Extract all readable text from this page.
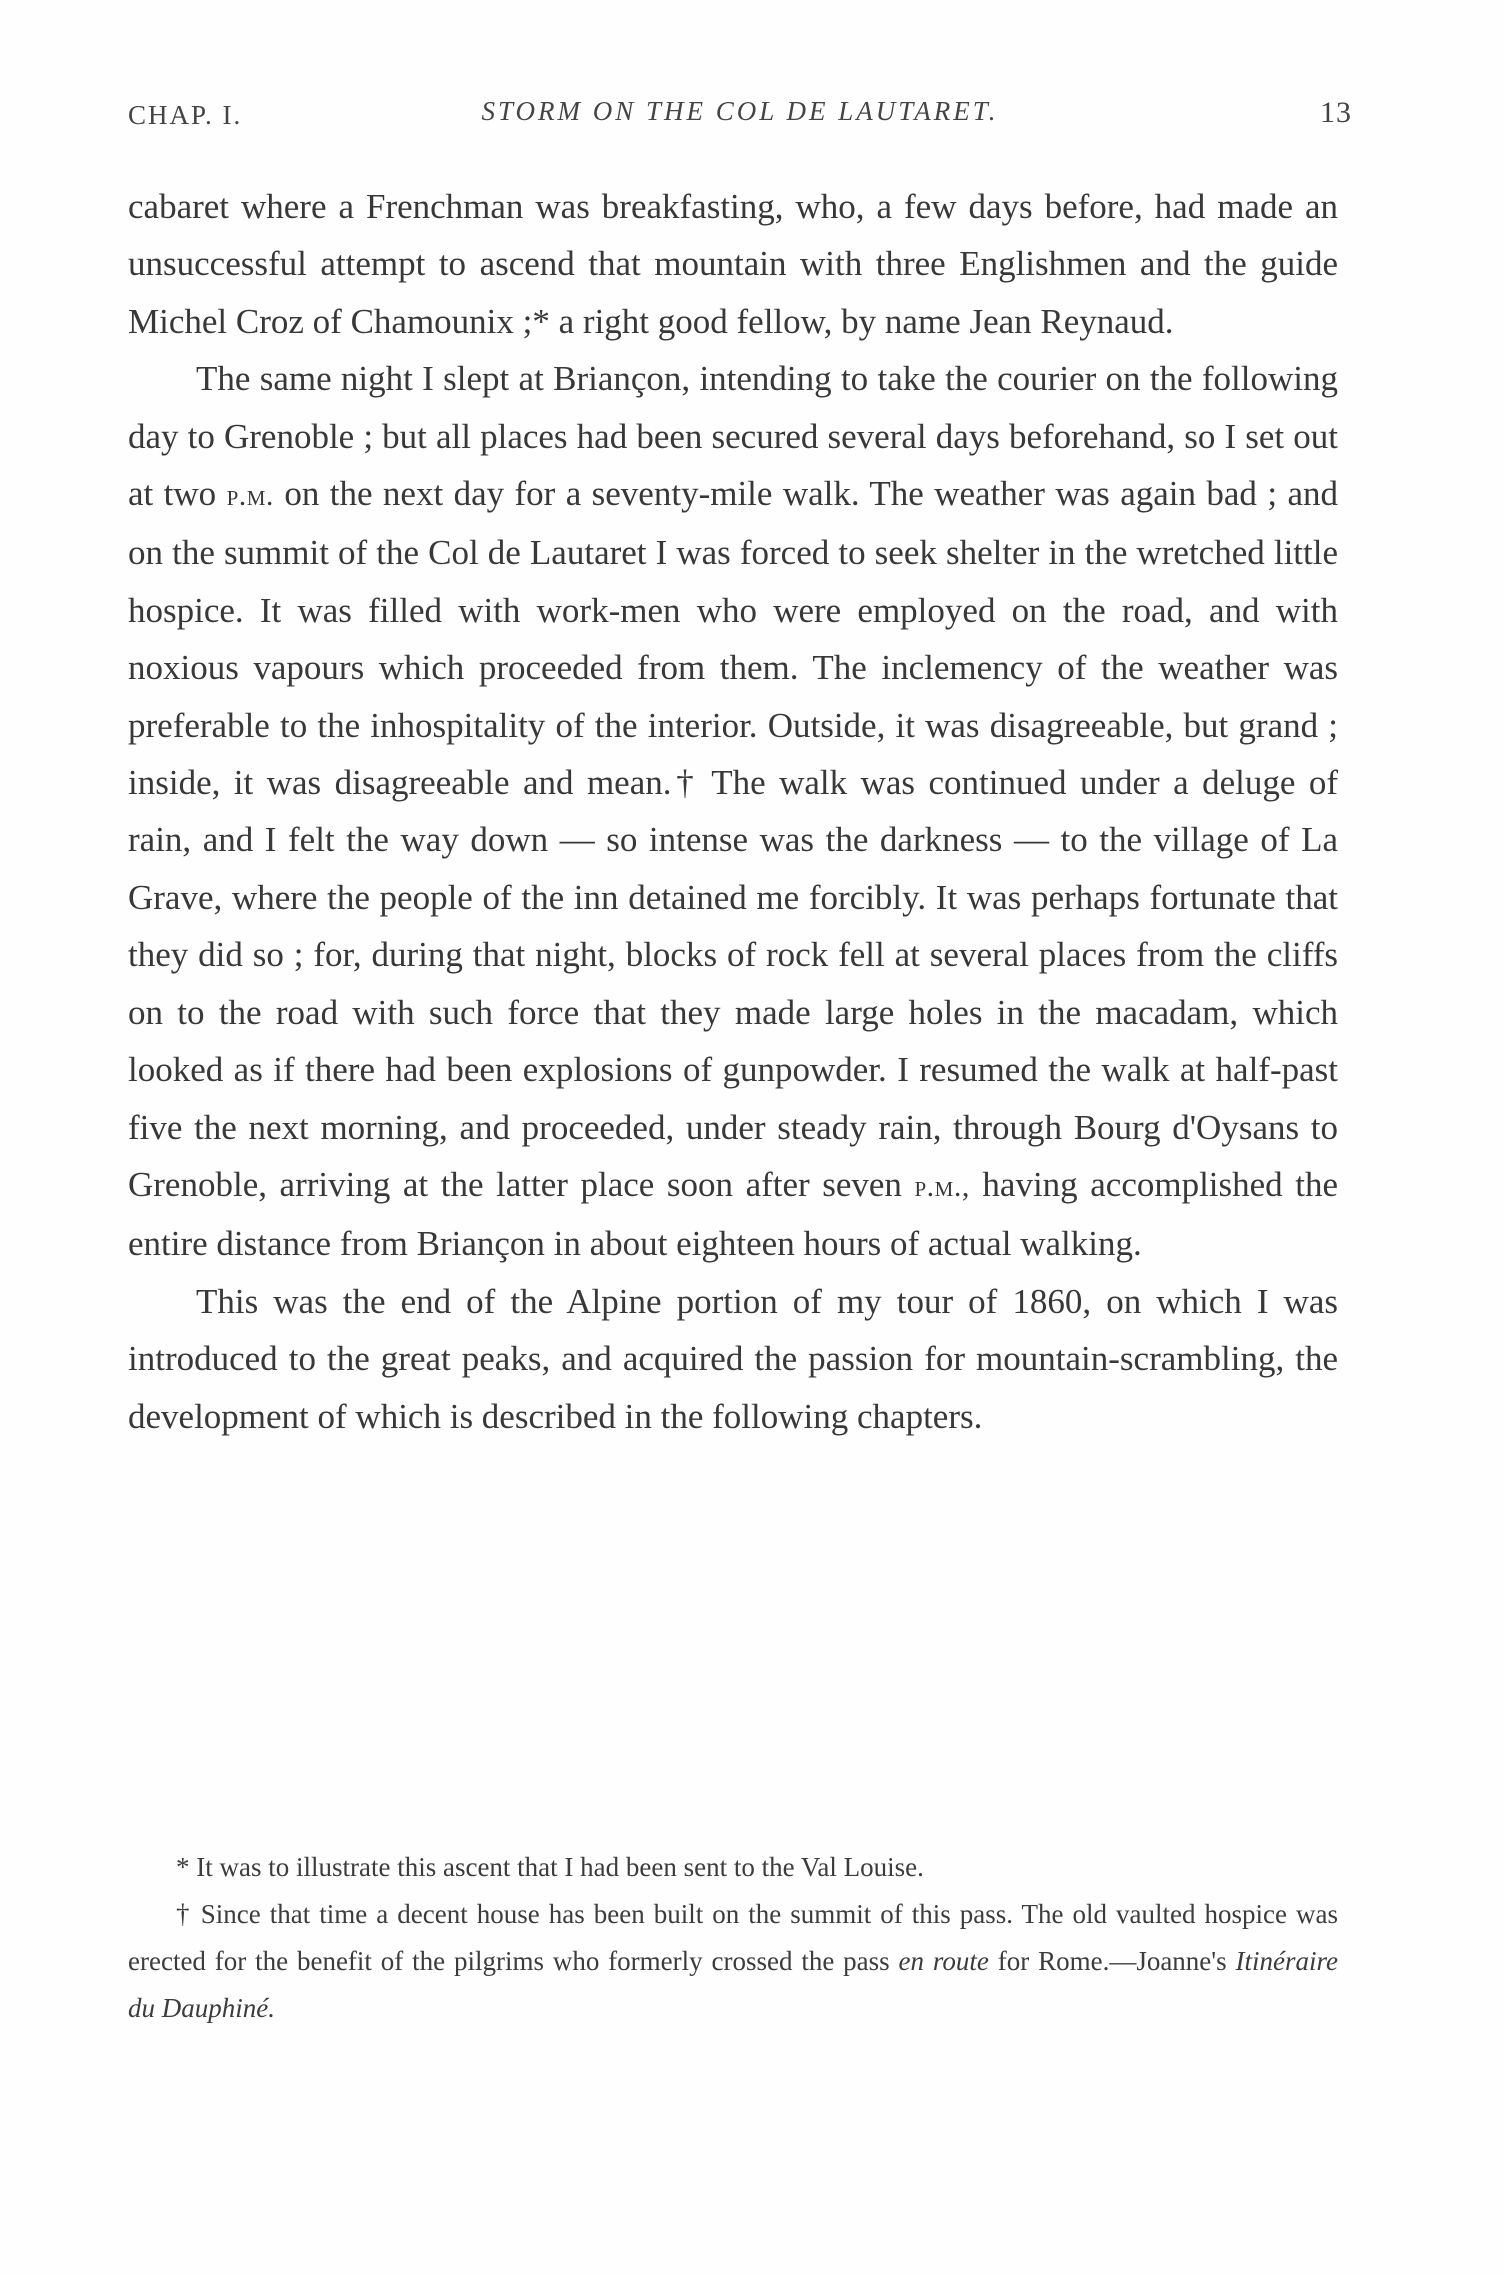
CHAP. I.	STORM ON THE COL DE LAUTARET.	13

cabaret where a Frenchman was breakfasting, who, a few days before, had made an unsuccessful attempt to ascend that mountain with three Englishmen and the guide Michel Croz of Chamounix ;* a right good fellow, by name Jean Reynaud.

The same night I slept at Briançon, intending to take the courier on the following day to Grenoble ; but all places had been secured several days beforehand, so I set out at two p.m. on the next day for a seventy-mile walk. The weather was again bad ; and on the summit of the Col de Lautaret I was forced to seek shelter in the wretched little hospice. It was filled with work-men who were employed on the road, and with noxious vapours which proceeded from them. The inclemency of the weather was preferable to the inhospitality of the interior. Outside, it was disagreeable, but grand ; inside, it was disagreeable and mean.† The walk was continued under a deluge of rain, and I felt the way down — so intense was the darkness — to the village of La Grave, where the people of the inn detained me forcibly. It was perhaps fortunate that they did so ; for, during that night, blocks of rock fell at several places from the cliffs on to the road with such force that they made large holes in the macadam, which looked as if there had been explosions of gunpowder. I resumed the walk at half-past five the next morning, and proceeded, under steady rain, through Bourg d'Oysans to Grenoble, arriving at the latter place soon after seven p.m., having accomplished the entire distance from Briançon in about eighteen hours of actual walking.

This was the end of the Alpine portion of my tour of 1860, on which I was introduced to the great peaks, and acquired the passion for mountain-scrambling, the development of which is described in the following chapters.

* It was to illustrate this ascent that I had been sent to the Val Louise.

† Since that time a decent house has been built on the summit of this pass. The old vaulted hospice was erected for the benefit of the pilgrims who formerly crossed the pass en route for Rome.—Joanne's Itinéraire du Dauphiné.
